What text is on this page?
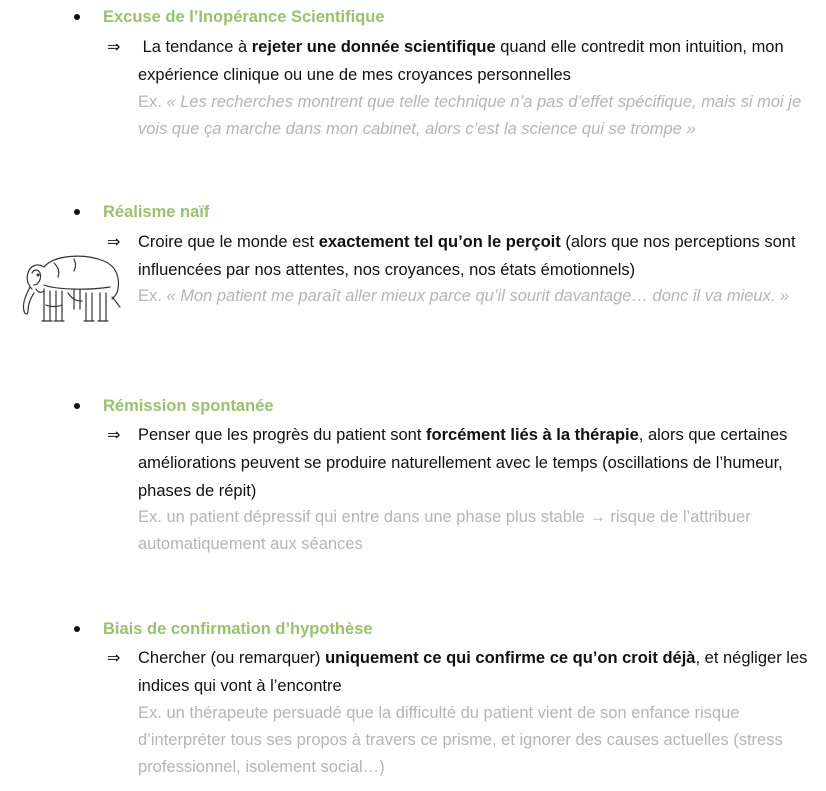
Excuse de l’Inopérance Scientifique
⇒ La tendance à rejeter une donnée scientifique quand elle contredit mon intuition, mon expérience clinique ou une de mes croyances personnelles
Ex. « Les recherches montrent que telle technique n’a pas d’effet spécifique, mais si moi je vois que ça marche dans mon cabinet, alors c’est la science qui se trompe »
Réalisme naïf
⇒ Croire que le monde est exactement tel qu’on le perçoit (alors que nos perceptions sont influencées par nos attentes, nos croyances, nos états émotionnels)
Ex. « Mon patient me paraît aller mieux parce qu’il sourit davantage… donc il va mieux. »
Rémission spontanée
⇒ Penser que les progrès du patient sont forcément liés à la thérapie, alors que certaines améliorations peuvent se produire naturellement avec le temps (oscillations de l’humeur, phases de répit)
Ex. un patient dépressif qui entre dans une phase plus stable → risque de l’attribuer automatiquement aux séances
Biais de confirmation d’hypothèse
⇒ Chercher (ou remarquer) uniquement ce qui confirme ce qu’on croit déjà, et négliger les indices qui vont à l’encontre
Ex. un thérapeute persuadé que la difficulté du patient vient de son enfance risque d’interpréter tous ses propos à travers ce prisme, et ignorer des causes actuelles (stress professionnel, isolement social…)
